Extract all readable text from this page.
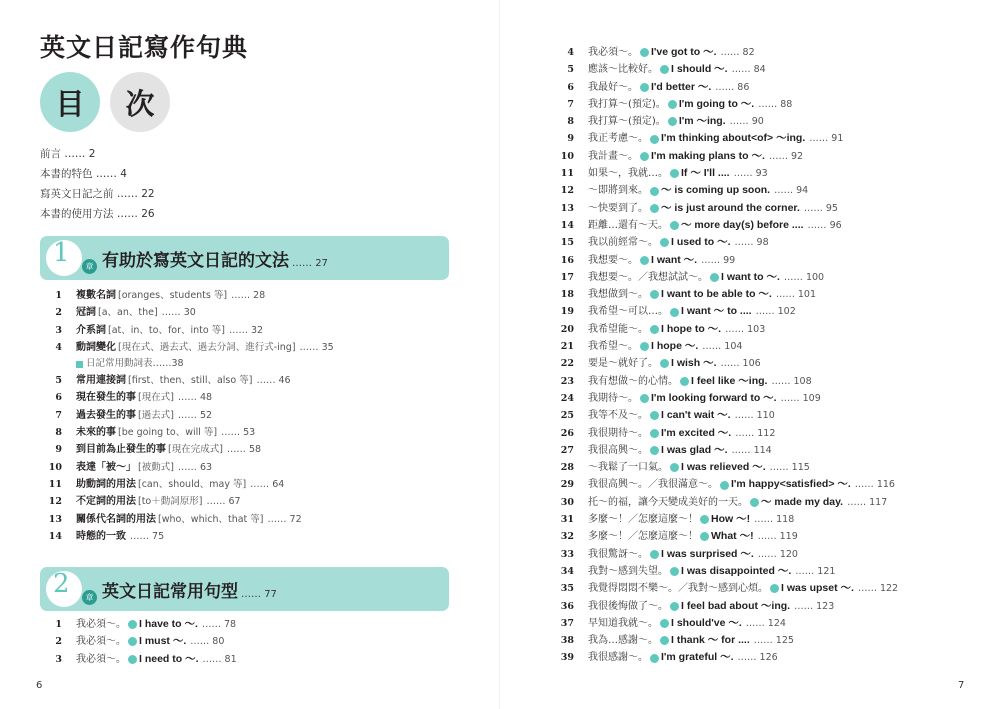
英文日記寫作句典
目	次
前言 …… 2
本書的特色 …… 4
寫英文日記之前 …… 22
本書的使用方法 …… 26
1	章 有助於寫英文日記的文法 …… 27
1 複數名詞 [oranges、students 等] …… 28
2 冠詞 [a、an、the] …… 30
3 介系詞 [at、in、to、for、into 等] …… 32
4 動詞變化 [現在式、過去式、過去分詞、進行式-ing] …… 35
日記常用動詞表 …… 38
5 常用連接詞 [first、then、still、also 等] …… 46
6 現在發生的事 [現在式] …… 48
7 過去發生的事 [過去式] …… 52
8 未來的事 [be going to、will 等] …… 53
9 到目前為止發生的事 [現在完成式] …… 58
10 表達「被～」 [被動式] …… 63
11 助動詞的用法 [can、should、may 等] …… 64
12 不定詞的用法 [to＋動詞原形] …… 67
13 關係代名詞的用法 [who、which、that 等] …… 72
14 時態的一致 …… 75
2	章 英文日記常用句型 …… 77
1 我必須～。 I have to ～. …… 78
2 我必須～。 I must ～. …… 80
3 我必須～。 I need to ～. …… 81
6
4 我必須～。 I've got to ～. …… 82
5 應該～比較好。 I should ～. …… 84
6 我最好～。 I'd better ～. …… 86
7 我打算～(預定)。 I'm going to ～. …… 88
8 我打算～(預定)。 I'm ～ing. …… 90
9 我正考慮～。 I'm thinking about<of> ～ing. …… 91
10 我計畫～。 I'm making plans to ～. …… 92
11 如果～，我就…。 If ～ I'll .... …… 93
12 ～即將到來。 ～ is coming up soon. …… 94
13 ～快要到了。 ～ is just around the corner. …… 95
14 距離…還有～天。 ～ more day(s) before .... …… 96
15 我以前經常～。 I used to ～. …… 98
16 我想要～。 I want ～. …… 99
17 我想要～。／我想試試～。 I want to ～. …… 100
18 我想做到～。 I want to be able to ～. …… 101
19 我希望～可以…。 I want ～ to .... …… 102
20 我希望能～。 I hope to ～. …… 103
21 我希望～。 I hope ～. …… 104
22 要是～就好了。 I wish ～. …… 106
23 我有想做～的心情。 I feel like ～ing. …… 108
24 我期待～。 I'm looking forward to ～. …… 109
25 我等不及～。 I can't wait ～. …… 110
26 我很期待～。 I'm excited ～. …… 112
27 我很高興～。 I was glad ～. …… 114
28 ～我鬆了一口氣。 I was relieved ～. …… 115
29 我很高興～。／我很滿意～。 I'm happy<satisfied> ～. …… 116
30 托～的福，讓今天變成美好的一天。 ～ made my day. …… 117
31 多麼～！／怎麼這麼～！ How ～! …… 118
32 多麼～！／怎麼這麼～！ What ～! …… 119
33 我很驚訝～。 I was surprised ～. …… 120
34 我對～感到失望。 I was disappointed ～. …… 121
35 我覺得悶悶不樂～。／我對～感到心煩。 I was upset ～. …… 122
36 我很後悔做了～。 I feel bad about ～ing. …… 123
37 早知道我就～。 I should've ～. …… 124
38 我為…感謝～。 I thank ～ for .... …… 125
39 我很感謝～。 I'm grateful ～. …… 126
7
